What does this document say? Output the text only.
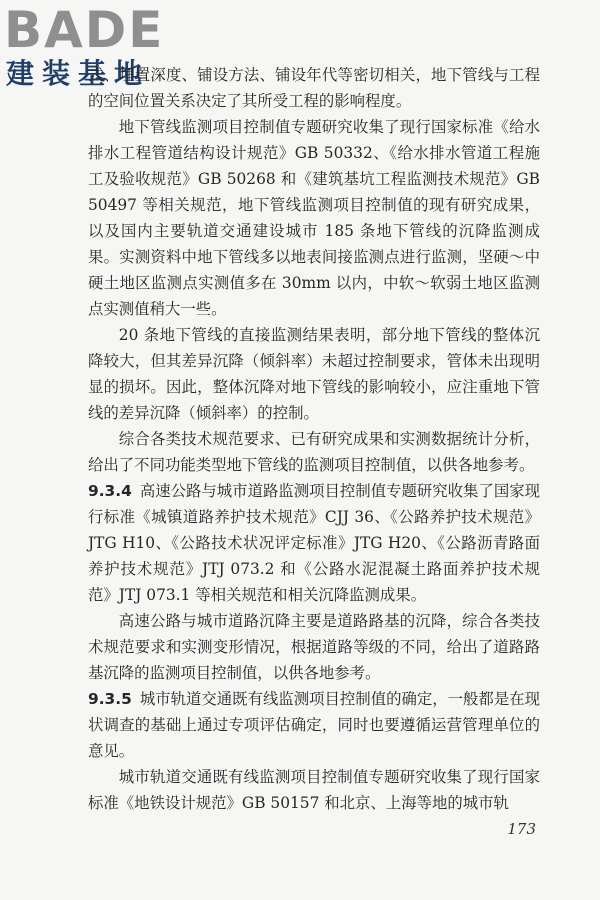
BADE
建装基地

式、埋置深度、铺设方法、铺设年代等密切相关，地下管线与工程的空间位置关系决定了其所受工程的影响程度。

地下管线监测项目控制值专题研究收集了现行国家标准《给水排水工程管道结构设计规范》GB 50332、《给水排水管道工程施工及验收规范》GB 50268 和《建筑基坑工程监测技术规范》GB 50497 等相关规范，地下管线监测项目控制值的现有研究成果，以及国内主要轨道交通建设城市 185 条地下管线的沉降监测成果。实测资料中地下管线多以地表间接监测点进行监测，坚硬～中硬土地区监测点实测值多在 30mm 以内，中软～软弱土地区监测点实测值稍大一些。

20 条地下管线的直接监测结果表明，部分地下管线的整体沉降较大，但其差异沉降（倾斜率）未超过控制要求，管体未出现明显的损坏。因此，整体沉降对地下管线的影响较小，应注重地下管线的差异沉降（倾斜率）的控制。

综合各类技术规范要求、已有研究成果和实测数据统计分析，给出了不同功能类型地下管线的监测项目控制值，以供各地参考。

9.3.4 高速公路与城市道路监测项目控制值专题研究收集了国家现行标准《城镇道路养护技术规范》CJJ 36、《公路养护技术规范》JTG H10、《公路技术状况评定标准》JTG H20、《公路沥青路面养护技术规范》JTJ 073.2 和《公路水泥混凝土路面养护技术规范》JTJ 073.1 等相关规范和相关沉降监测成果。

高速公路与城市道路沉降主要是道路路基的沉降，综合各类技术规范要求和实测变形情况，根据道路等级的不同，给出了道路路基沉降的监测项目控制值，以供各地参考。

9.3.5 城市轨道交通既有线监测项目控制值的确定，一般都是在现状调查的基础上通过专项评估确定，同时也要遵循运营管理单位的意见。

城市轨道交通既有线监测项目控制值专题研究收集了现行国家标准《地铁设计规范》GB 50157 和北京、上海等地的城市轨

173
